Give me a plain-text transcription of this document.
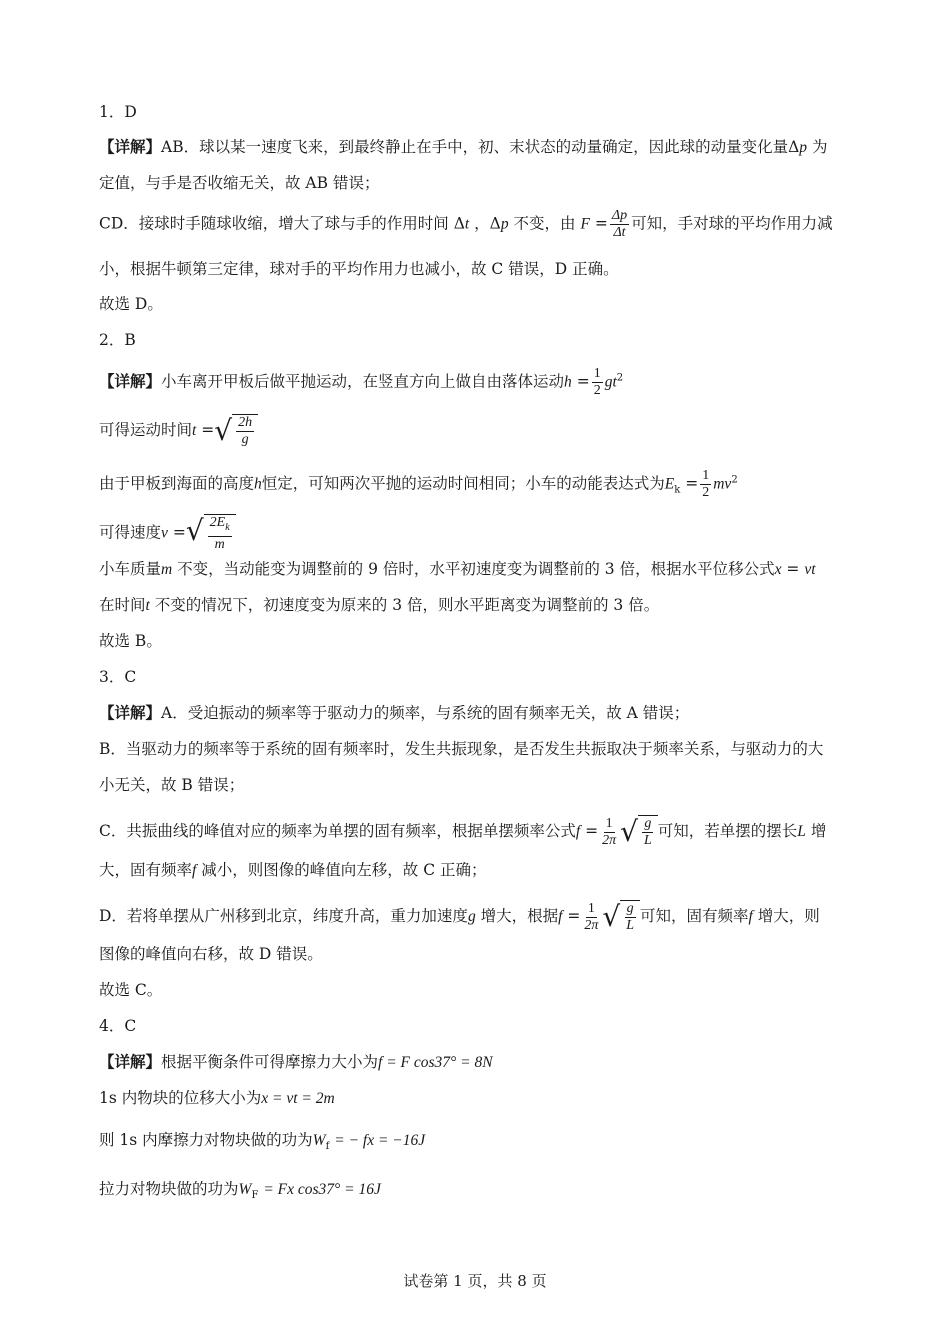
1．D
【详解】AB．球以某一速度飞来，到最终静止在手中，初、末状态的动量确定，因此球的动量变化量Δp 为
定值，与手是否收缩无关，故 AB 错误；
CD．接球时手随球收缩，增大了球与手的作用时间 Δt ，Δp 不变，由 $F = \frac{\Delta p}{\Delta t}$ 可知，手对球的平均作用力减
小，根据牛顿第三定律，球对手的平均作用力也减小，故 C 错误，D 正确。
故选 D。
2．B
【详解】小车离开甲板后做平抛运动，在竖直方向上做自由落体运动$h = \frac{1}{2} gt^2$
可得运动时间t = √ $\frac{2h}{g}$
由于甲板到海面的高度h恒定，可知两次平抛的运动时间相同；小车的动能表达式为$E_k = \frac{1}{2} mv^2$
可得速度v = √ $\frac{2E_k}{m}$
小车质量m 不变，当动能变为调整前的 9 倍时，水平初速度变为调整前的 3 倍，根据水平位移公式x = vt
在时间t 不变的情况下，初速度变为原来的 3 倍，则水平距离变为调整前的 3 倍。
故选 B。
3．C
【详解】A．受迫振动的频率等于驱动力的频率，与系统的固有频率无关，故 A 错误；
B．当驱动力的频率等于系统的固有频率时，发生共振现象，是否发生共振取决于频率关系，与驱动力的大
小无关，故 B 错误；
C．共振曲线的峰值对应的频率为单摆的固有频率，根据单摆频率公式$f = \frac{1}{2\pi}$ √ $\frac{g}{L}$ 可知，若单摆的摆长L 增
大，固有频率f 减小，则图像的峰值向左移，故 C 正确；
D．若将单摆从广州移到北京，纬度升高，重力加速度g 增大，根据$f = \frac{1}{2\pi}$ √ $\frac{g}{L}$ 可知，固有频率f 增大，则
图像的峰值向右移，故 D 错误。
故选 C。
4．C
【详解】根据平衡条件可得摩擦力大小为f = F cos37° = 8N
1s 内物块的位移大小为x = vt = 2m
则 1s 内摩擦力对物块做的功为$W_f$ = − fx = −16J
拉力对物块做的功为$W_F = Fx$ cos37° = 16J
试卷第 1 页，共 8 页
